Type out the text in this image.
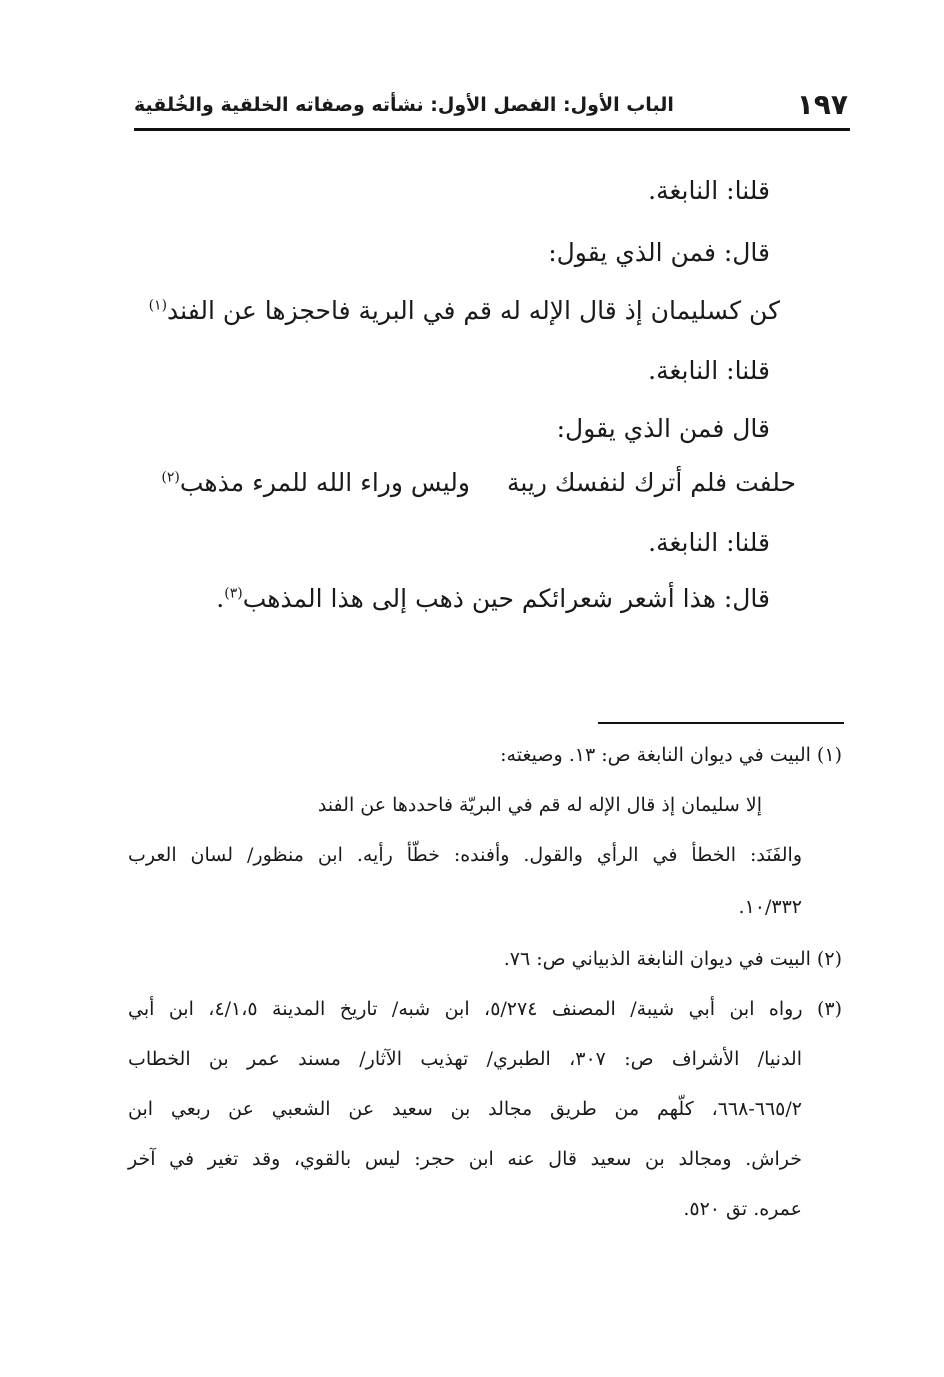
الباب الأول: الفصل الأول: نشأته وصفاته الخلقية والخُلقية	١٩٧
قلنا: النابغة.
قال: فمن الذي يقول:
كن كسليمان إذ قال الإله له
قم في البرية فاحجزها عن الفند$^{(١)}$
قلنا: النابغة.
قال فمن الذي يقول:
حلفت فلم أترك لنفسك ريبة
وليس وراء الله للمرء مذهب$^{(٢)}$
قلنا: النابغة.
قال: هذا أشعر شعرائكم حين ذهب إلى هذا المذهب$^{(٣)}$.
(١) البيت في ديوان النابغة ص: ١٣. وصيغته:
إلا سليمان إذ قال الإله له قم في البريّة فاحددها عن الفند
والفَنَد: الخطأ في الرأي والقول. وأفنده: خطّأ رأيه. ابن منظور/ لسان العرب
١٠/٣٣٢.
(٢) البيت في ديوان النابغة الذبياني ص: ٧٦.
(٣) رواه ابن أبي شيبة/ المصنف ٥/٢٧٤، ابن شبه/ تاريخ المدينة ٤/١،٥، ابن أبي
الدنيا/ الأشراف ص: ٣٠٧، الطبري/ تهذيب الآثار/ مسند عمر بن الخطاب
٦٦٥/٢-٦٦٨، كلّهم من طريق مجالد بن سعيد عن الشعبي عن ربعي ابن
خراش. ومجالد بن سعيد قال عنه ابن حجر: ليس بالقوي، وقد تغير في آخر
عمره. تق ٥٢٠.
